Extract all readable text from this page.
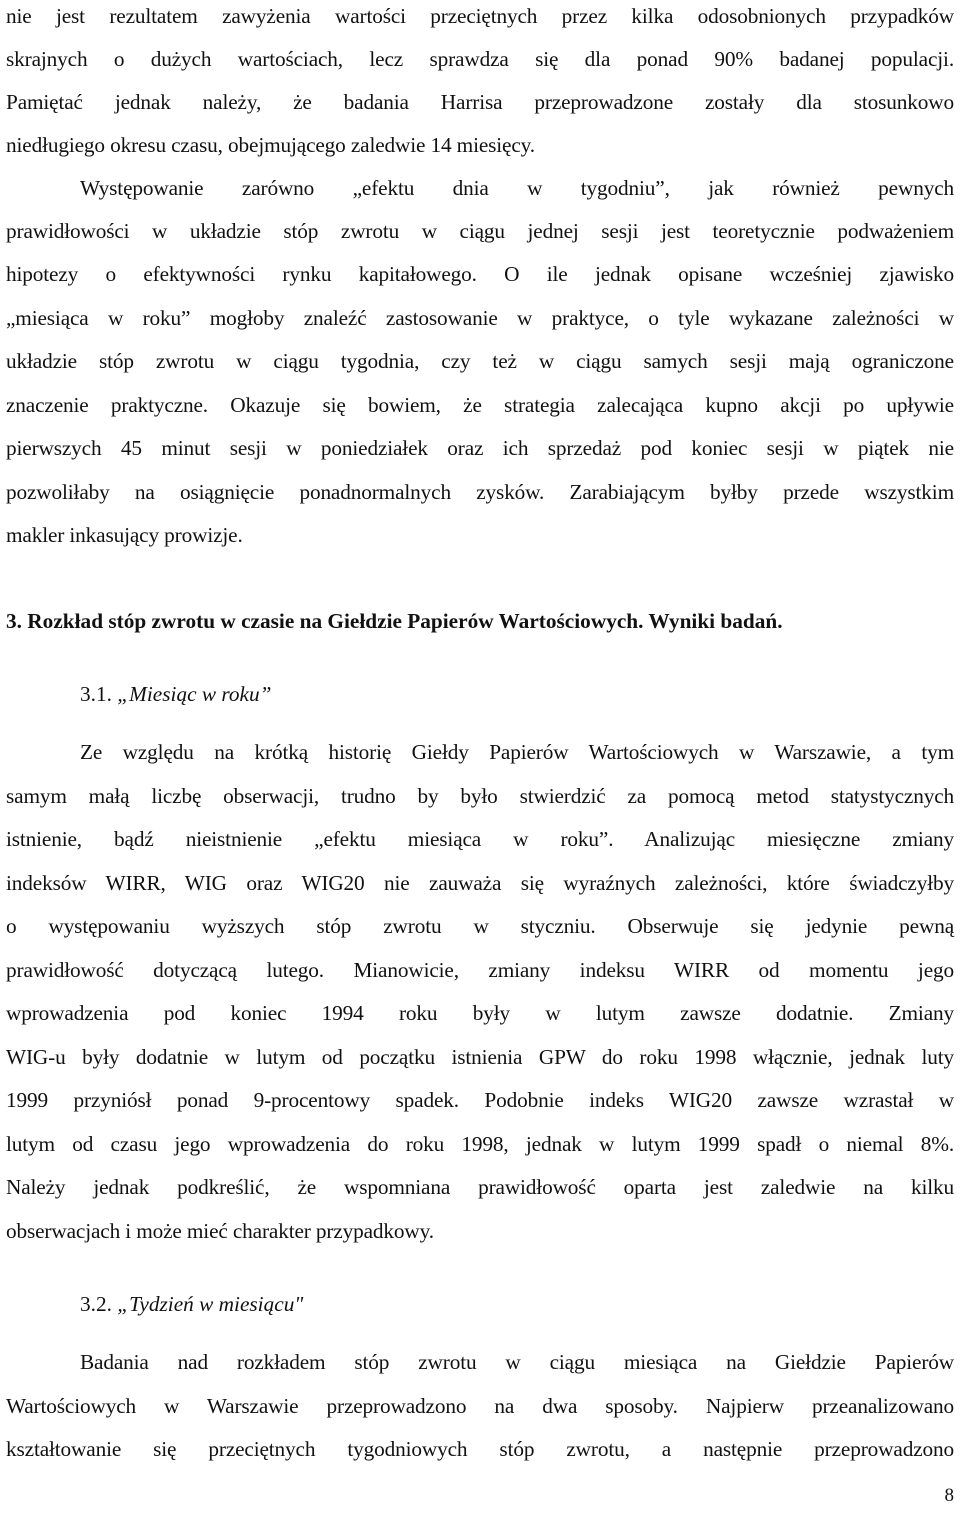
nie jest rezultatem zawyżenia wartości przeciętnych przez kilka odosobnionych przypadków
skrajnych o dużych wartościach, lecz sprawdza się dla ponad 90% badanej populacji.
Pamiętać jednak należy, że badania Harrisa przeprowadzone zostały dla stosunkowo
niedługiego okresu czasu, obejmującego zaledwie 14 miesięcy.
Występowanie zarówno „efektu dnia w tygodniu”, jak również pewnych
prawidłowości w układzie stóp zwrotu w ciągu jednej sesji jest teoretycznie podważeniem
hipotezy o efektywności rynku kapitałowego. O ile jednak opisane wcześniej zjawisko
„miesiąca w roku” mogłoby znaleźć zastosowanie w praktyce, o tyle wykazane zależności w
układzie stóp zwrotu w ciągu tygodnia, czy też w ciągu samych sesji mają ograniczone
znaczenie praktyczne. Okazuje się bowiem, że strategia zalecająca kupno akcji po upływie
pierwszych 45 minut sesji w poniedziałek oraz ich sprzedaż pod koniec sesji w piątek nie
pozwoliłaby na osiągnięcie ponadnormalnych zysków. Zarabiającym byłby przede wszystkim
makler inkasujący prowizje.
3. Rozkład stóp zwrotu w czasie na Giełdzie Papierów Wartościowych. Wyniki badań.
3.1. „Miesiąc w roku”
Ze względu na krótką historię Giełdy Papierów Wartościowych w Warszawie, a tym
samym małą liczbę obserwacji, trudno by było stwierdzić za pomocą metod statystycznych
istnienie, bądź nieistnienie „efektu miesiąca w roku”. Analizując miesięczne zmiany
indeksów WIRR, WIG oraz WIG20 nie zauważa się wyraźnych zależności, które świadczyłby
o występowaniu wyższych stóp zwrotu w styczniu. Obserwuje się jedynie pewną
prawidłowość dotyczącą lutego. Mianowicie, zmiany indeksu WIRR od momentu jego
wprowadzenia pod koniec 1994 roku były w lutym zawsze dodatnie. Zmiany
WIG-u były dodatnie w lutym od początku istnienia GPW do roku 1998 włącznie, jednak luty
1999 przyniósł ponad 9-procentowy spadek. Podobnie indeks WIG20 zawsze wzrastał w
lutym od czasu jego wprowadzenia do roku 1998, jednak w lutym 1999 spadł o niemal 8%.
Należy jednak podkreślić, że wspomniana prawidłowość oparta jest zaledwie na kilku
obserwacjach i może mieć charakter przypadkowy.
3.2. „Tydzień w miesiącu"
Badania nad rozkładem stóp zwrotu w ciągu miesiąca na Giełdzie Papierów
Wartościowych w Warszawie przeprowadzono na dwa sposoby. Najpierw przeanalizowano
kształtowanie się przeciętnych tygodniowych stóp zwrotu, a następnie przeprowadzono
8
